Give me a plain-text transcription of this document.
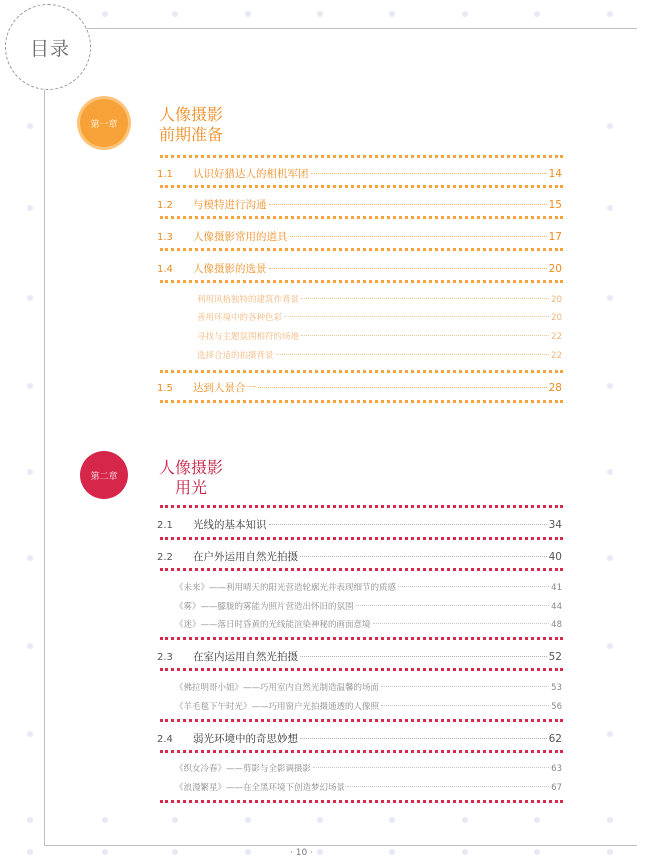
目录
第一章
人像摄影
前期准备
1.1	认识好猎达人的相机军团	14
1.2	与模特进行沟通	15
1.3	人像摄影常用的道具	17
1.4	人像摄影的选景	20
利用风格独特的建筑作背景	20
善用环境中的各种色彩	20
寻找与主题氛围相符的场地	22
选择合适的拍摄背景	22
1.5	达到人景合一	28
第二章	人像摄影
用光
2.1	光线的基本知识	34
2.2	在户外运用自然光拍摄	40
《未来》——利用晴天的阳光营造轮廓光并表现细节的质感	41
《雾》——朦胧的雾能为照片营造出怀旧的氛围	44
《迷》——落日时昏黄的光线能渲染神秘的画面意境	48
2.3	在室内运用自然光拍摄	52
《佛拉明哥小姐》——巧用室内自然光制造温馨的场面	53
《羊毛毯下午时光》——巧用窗户光拍摄通透的人像照	56
2.4	弱光环境中的奇思妙想	62
《织女冷春》——剪影与全影调摄影	63
《浪漫繁星》——在全黑环境下创造梦幻场景	67
· 10 ·
